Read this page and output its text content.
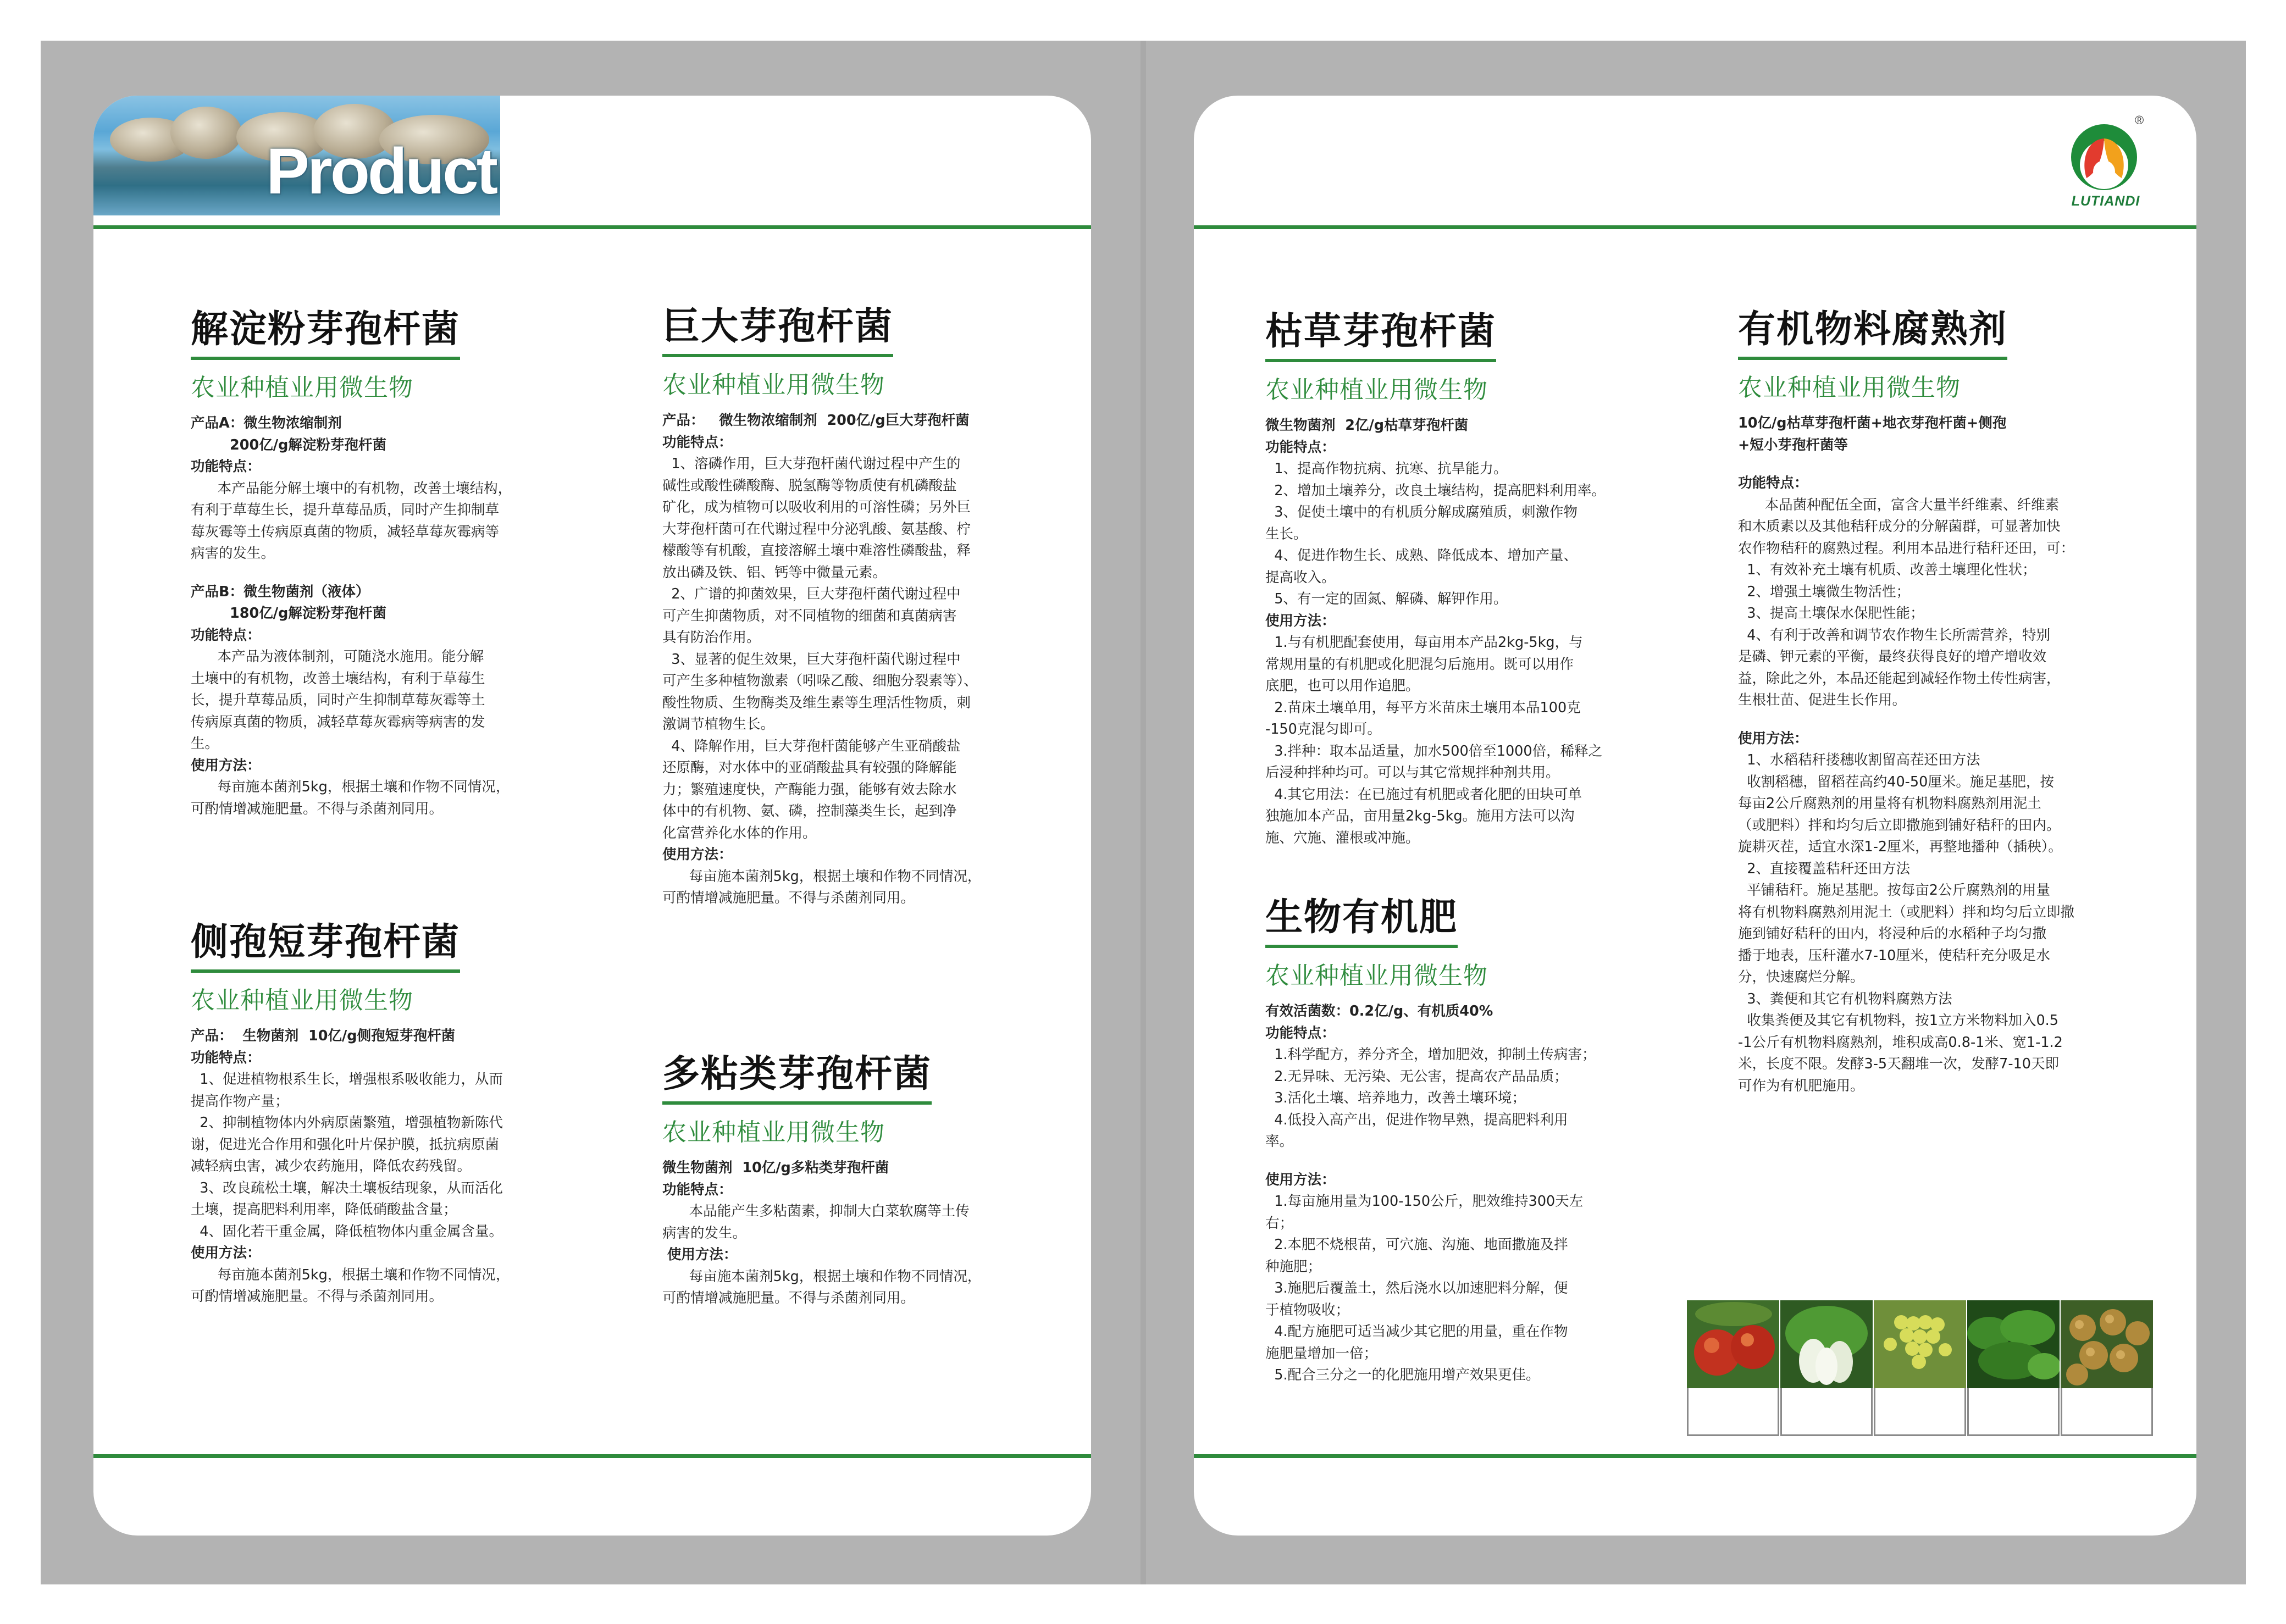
Product
解淀粉芽孢杆菌
农业种植业用微生物

产品A：微生物浓缩制剂

200亿/g解淀粉芽孢杆菌

功能特点：

本产品能分解土壤中的有机物，改善土壤结构，

有利于草莓生长，提升草莓品质，同时产生抑制草

莓灰霉等土传病原真菌的物质，减轻草莓灰霉病等

病害的发生。

产品B：微生物菌剂（液体）

180亿/g解淀粉芽孢杆菌

功能特点：

本产品为液体制剂，可随浇水施用。能分解

土壤中的有机物，改善土壤结构，有利于草莓生

长，提升草莓品质，同时产生抑制草莓灰霉等土

传病原真菌的物质，减轻草莓灰霉病等病害的发

生。

使用方法：

每亩施本菌剂5kg，根据土壤和作物不同情况，

可酌情增减施肥量。不得与杀菌剂同用。

巨大芽孢杆菌
农业种植业用微生物

产品：   微生物浓缩制剂  200亿/g巨大芽孢杆菌

功能特点：

1、溶磷作用，巨大芽孢杆菌代谢过程中产生的

碱性或酸性磷酸酶、脱氢酶等物质使有机磷酸盐

矿化，成为植物可以吸收利用的可溶性磷；另外巨

大芽孢杆菌可在代谢过程中分泌乳酸、氨基酸、柠

檬酸等有机酸，直接溶解土壤中难溶性磷酸盐，释

放出磷及铁、铝、钙等中微量元素。

2、广谱的抑菌效果，巨大芽孢杆菌代谢过程中

可产生抑菌物质，对不同植物的细菌和真菌病害

具有防治作用。

3、显著的促生效果，巨大芽孢杆菌代谢过程中

可产生多种植物激素（吲哚乙酸、细胞分裂素等）、

酸性物质、生物酶类及维生素等生理活性物质，刺

激调节植物生长。

4、降解作用，巨大芽孢杆菌能够产生亚硝酸盐

还原酶，对水体中的亚硝酸盐具有较强的降解能

力；繁殖速度快，产酶能力强，能够有效去除水

体中的有机物、氨、磷，控制藻类生长，起到净

化富营养化水体的作用。

使用方法：

每亩施本菌剂5kg，根据土壤和作物不同情况，

可酌情增减施肥量。不得与杀菌剂同用。

侧孢短芽孢杆菌
农业种植业用微生物

产品：  生物菌剂  10亿/g侧孢短芽孢杆菌

功能特点：

1、促进植物根系生长，增强根系吸收能力，从而

提高作物产量；

2、抑制植物体内外病原菌繁殖，增强植物新陈代

谢，促进光合作用和强化叶片保护膜，抵抗病原菌

减轻病虫害，减少农药施用，降低农药残留。

3、改良疏松土壤，解决土壤板结现象，从而活化

土壤，提高肥料利用率，降低硝酸盐含量；

4、固化若干重金属，降低植物体内重金属含量。

使用方法：

每亩施本菌剂5kg，根据土壤和作物不同情况，

可酌情增减施肥量。不得与杀菌剂同用。

多粘类芽孢杆菌
农业种植业用微生物

微生物菌剂  10亿/g多粘类芽孢杆菌

功能特点：

本品能产生多粘菌素，抑制大白菜软腐等土传

病害的发生。

使用方法：

每亩施本菌剂5kg，根据土壤和作物不同情况，

可酌情增减施肥量。不得与杀菌剂同用。

®
LUTIANDI
枯草芽孢杆菌
农业种植业用微生物

微生物菌剂  2亿/g枯草芽孢杆菌

功能特点：

1、提高作物抗病、抗寒、抗旱能力。

2、增加土壤养分，改良土壤结构，提高肥料利用率。

3、促使土壤中的有机质分解成腐殖质，刺激作物

生长。

4、促进作物生长、成熟、降低成本、增加产量、

提高收入。

5、有一定的固氮、解磷、解钾作用。

使用方法：

1.与有机肥配套使用，每亩用本产品2kg-5kg，与

常规用量的有机肥或化肥混匀后施用。既可以用作

底肥，也可以用作追肥。

2.苗床土壤单用，每平方米苗床土壤用本品100克

-150克混匀即可。

3.拌种：取本品适量，加水500倍至1000倍，稀释之

后浸种拌种均可。可以与其它常规拌种剂共用。

4.其它用法：在已施过有机肥或者化肥的田块可单

独施加本产品，亩用量2kg-5kg。施用方法可以沟

施、穴施、灌根或冲施。

生物有机肥
农业种植业用微生物

有效活菌数：0.2亿/g、有机质40%

功能特点：

1.科学配方，养分齐全，增加肥效，抑制土传病害；

2.无异味、无污染、无公害，提高农产品品质；

3.活化土壤、培养地力，改善土壤环境；

4.低投入高产出，促进作物早熟，提高肥料利用

率。

使用方法：

1.每亩施用量为100-150公斤，肥效维持300天左

右；

2.本肥不烧根苗，可穴施、沟施、地面撒施及拌

种施肥；

3.施肥后覆盖土，然后浇水以加速肥料分解，便

于植物吸收；

4.配方施肥可适当减少其它肥的用量，重在作物

施肥量增加一倍；

5.配合三分之一的化肥施用增产效果更佳。

有机物料腐熟剂
农业种植业用微生物

10亿/g枯草芽孢杆菌+地衣芽孢杆菌+侧孢

+短小芽孢杆菌等

功能特点：

本品菌种配伍全面，富含大量半纤维素、纤维素

和木质素以及其他秸秆成分的分解菌群，可显著加快

农作物秸秆的腐熟过程。利用本品进行秸秆还田，可：

1、有效补充土壤有机质、改善土壤理化性状；

2、增强土壤微生物活性；

3、提高土壤保水保肥性能；

4、有利于改善和调节农作物生长所需营养，特别

是磷、钾元素的平衡，最终获得良好的增产增收效

益，除此之外，本品还能起到减轻作物土传性病害，

生根壮苗、促进生长作用。

使用方法：

1、水稻秸秆搂穗收割留高茬还田方法

收割稻穗，留稻茬高约40-50厘米。施足基肥，按

每亩2公斤腐熟剂的用量将有机物料腐熟剂用泥土

（或肥料）拌和均匀后立即撒施到铺好秸秆的田内。

旋耕灭茬，适宜水深1-2厘米，再整地播种（插秧）。

2、直接覆盖秸秆还田方法

平铺秸秆。施足基肥。按每亩2公斤腐熟剂的用量

将有机物料腐熟剂用泥土（或肥料）拌和均匀后立即撒

施到铺好秸秆的田内，将浸种后的水稻种子均匀撒

播于地表，压秆灌水7-10厘米，使秸秆充分吸足水

分，快速腐烂分解。

3、粪便和其它有机物料腐熟方法

收集粪便及其它有机物料，按1立方米物料加入0.5

-1公斤有机物料腐熟剂，堆积成高0.8-1米、宽1-1.2

米，长度不限。发酵3-5天翻堆一次，发酵7-10天即

可作为有机肥施用。
